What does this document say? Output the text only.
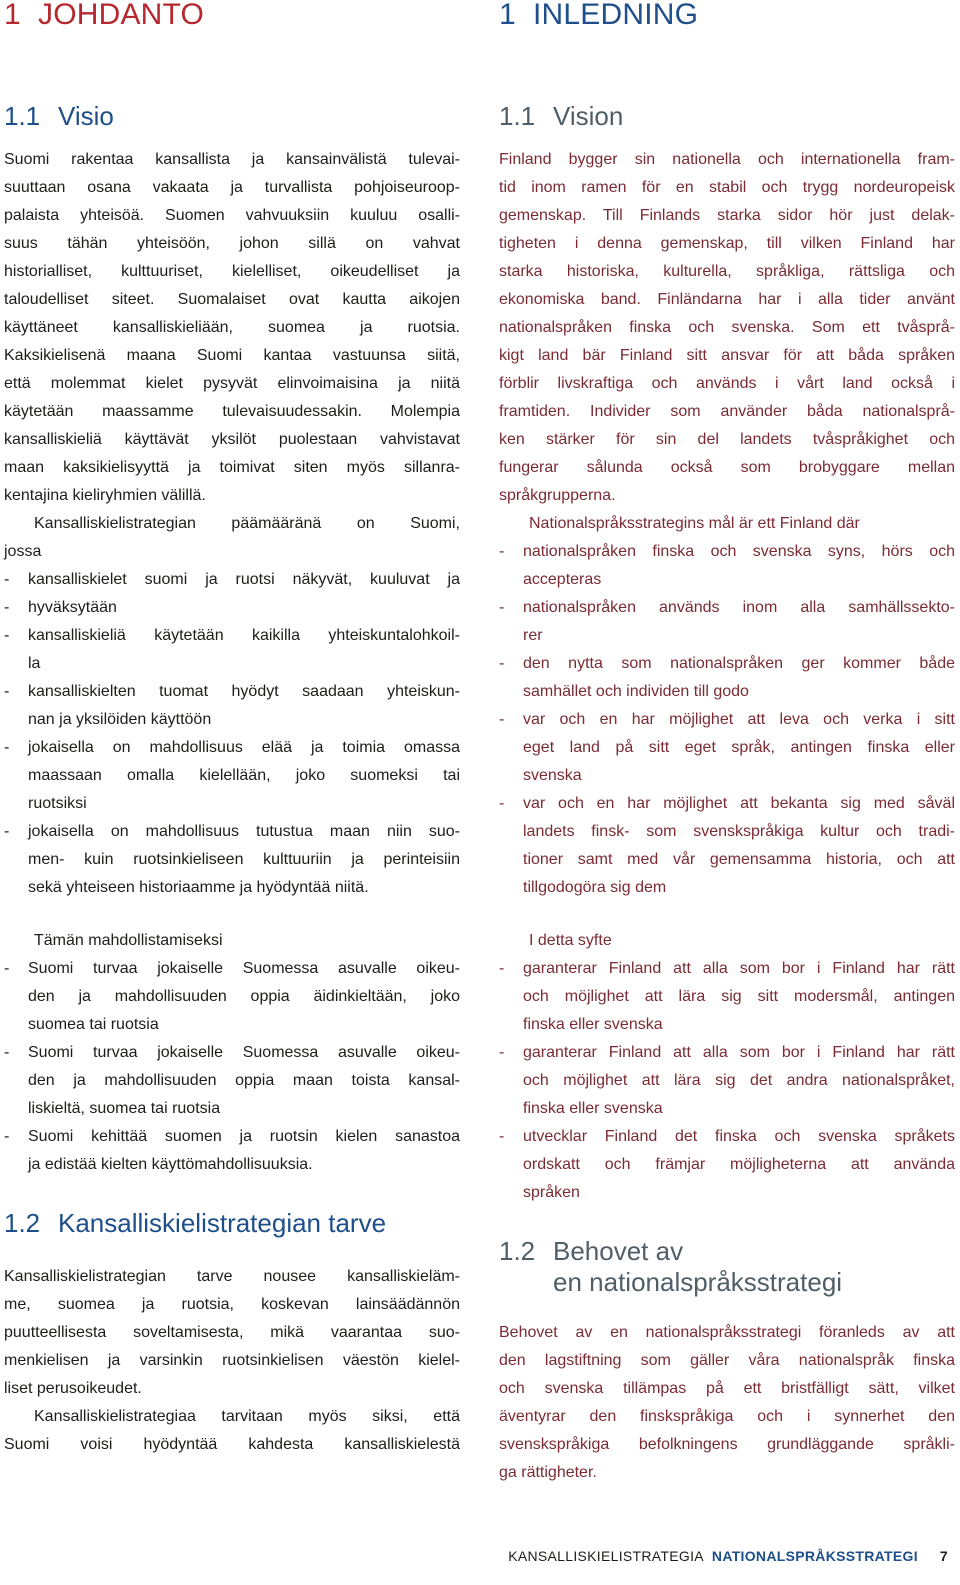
1 JOHDANTO
1.1 Visio
Suomi rakentaa kansallista ja kansainvälistä tulevai-
suuttaan osana vakaata ja turvallista pohjoiseuroop-
palaista yhteisöä. Suomen vahvuuksiin kuuluu osalli-
suus tähän yhteisöön, johon sillä on vahvat
historialliset, kulttuuriset, kielelliset, oikeudelliset ja
taloudelliset siteet. Suomalaiset ovat kautta aikojen
käyttäneet kansalliskieliään, suomea ja ruotsia.
Kaksikielisenä maana Suomi kantaa vastuunsa siitä,
että molemmat kielet pysyvät elinvoimaisina ja niitä
käytetään maassamme tulevaisuudessakin. Molempia
kansalliskieliä käyttävät yksilöt puolestaan vahvistavat
maan kaksikielisyyttä ja toimivat siten myös sillanra-
kentajina kieliryhmien välillä.
Kansalliskielistrategian päämääränä on Suomi,
jossa
- kansalliskielet suomi ja ruotsi näkyvät, kuuluvat ja
- hyväksytään
- kansalliskieliä käytetään kaikilla yhteiskuntalohkoil-
la
- kansalliskielten tuomat hyödyt saadaan yhteiskun-
nan ja yksilöiden käyttöön
- jokaisella on mahdollisuus elää ja toimia omassa
maassaan omalla kielellään, joko suomeksi tai
ruotsiksi
- jokaisella on mahdollisuus tutustua maan niin suo-
men- kuin ruotsinkieliseen kulttuuriin ja perinteisiin
sekä yhteiseen historiaamme ja hyödyntää niitä.
Tämän mahdollistamiseksi
- Suomi turvaa jokaiselle Suomessa asuvalle oikeu-
den ja mahdollisuuden oppia äidinkieltään, joko
suomea tai ruotsia
- Suomi turvaa jokaiselle Suomessa asuvalle oikeu-
den ja mahdollisuuden oppia maan toista kansal-
liskieltä, suomea tai ruotsia
- Suomi kehittää suomen ja ruotsin kielen sanastoa
ja edistää kielten käyttömahdollisuuksia.
1.2 Kansalliskielistrategian tarve
Kansalliskielistrategian tarve nousee kansalliskieläm-
me, suomea ja ruotsia, koskevan lainsäädännön
puutteellisesta soveltamisesta, mikä vaarantaa suo-
menkielisen ja varsinkin ruotsinkielisen väestön kielel-
liset perusoikeudet.
Kansalliskielistrategiaa tarvitaan myös siksi, että
Suomi voisi hyödyntää kahdesta kansalliskielestä
1 INLEDNING
1.1 Vision
Finland bygger sin nationella och internationella fram-
tid inom ramen för en stabil och trygg nordeuropeisk
gemenskap. Till Finlands starka sidor hör just delak-
tigheten i denna gemenskap, till vilken Finland har
starka historiska, kulturella, språkliga, rättsliga och
ekonomiska band. Finländarna har i alla tider använt
nationalspråken finska och svenska. Som ett tvåsprå-
kigt land bär Finland sitt ansvar för att båda språken
förblir livskraftiga och används i vårt land också i
framtiden. Individer som använder båda nationalsprå-
ken stärker för sin del landets tvåspråkighet och
fungerar sålunda också som brobyggare mellan
språkgrupperna.
Nationalspråksstrategins mål är ett Finland där
- nationalspråken finska och svenska syns, hörs och
accepteras
- nationalspråken används inom alla samhällssekto-
rer
- den nytta som nationalspråken ger kommer både
samhället och individen till godo
- var och en har möjlighet att leva och verka i sitt
eget land på sitt eget språk, antingen finska eller
svenska
- var och en har möjlighet att bekanta sig med såväl
landets finsk- som svenskspråkiga kultur och tradi-
tioner samt med vår gemensamma historia, och att
tillgodogöra sig dem
I detta syfte
- garanterar Finland att alla som bor i Finland har rätt
och möjlighet att lära sig sitt modersmål, antingen
finska eller svenska
- garanterar Finland att alla som bor i Finland har rätt
och möjlighet att lära sig det andra nationalspråket,
finska eller svenska
- utvecklar Finland det finska och svenska språkets
ordskatt och främjar möjligheterna att använda
språken
1.2 Behovet av
en nationalspråksstrategi
Behovet av en nationalspråksstrategi föranleds av att
den lagstiftning som gäller våra nationalspråk finska
och svenska tillämpas på ett bristfälligt sätt, vilket
äventyrar den finskspråkiga och i synnerhet den
svenskspråkiga befolkningens grundläggande språkli-
ga rättigheter.
KANSALLISKIELISTRATEGIA NATIONALSPRÅKSSTRATEGI 7
